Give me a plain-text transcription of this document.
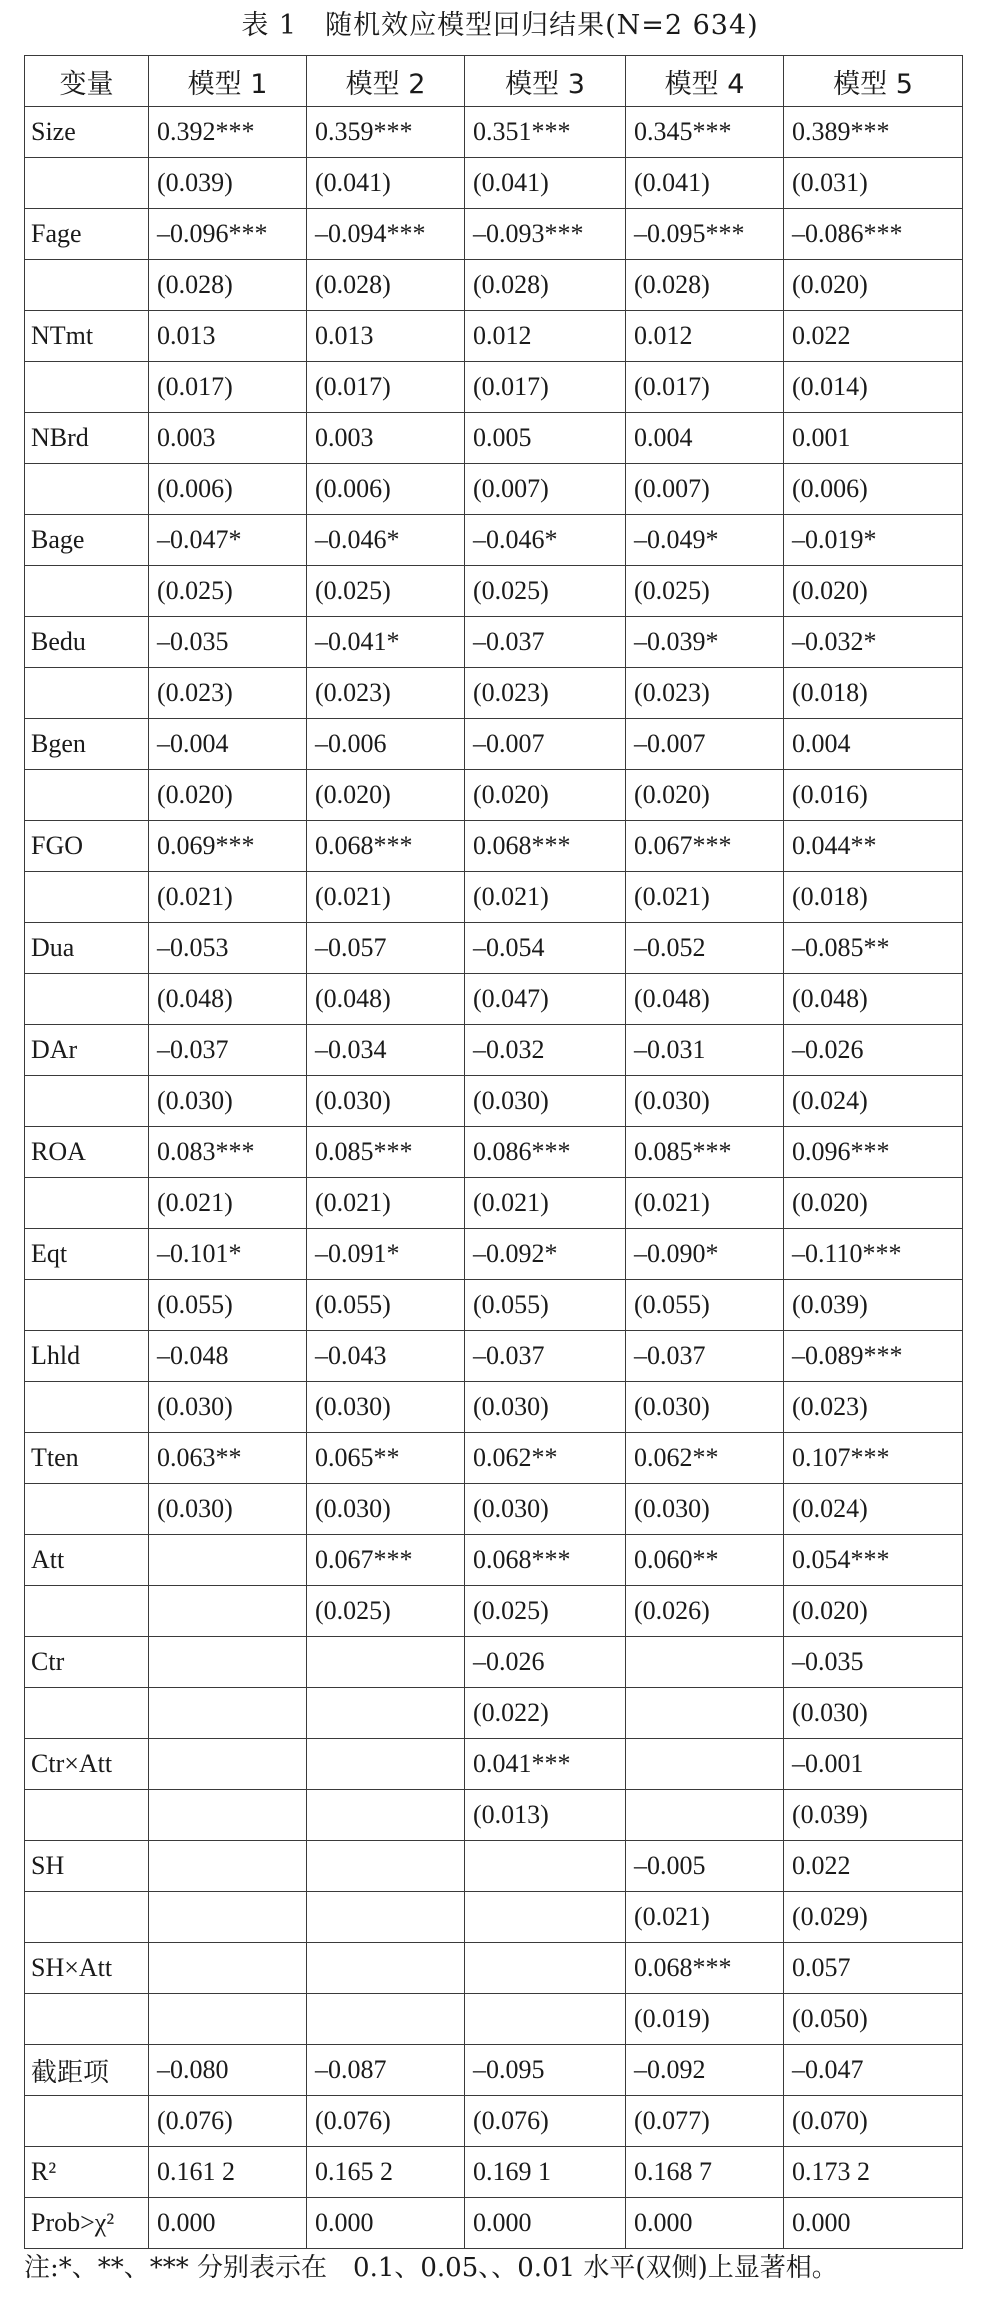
表 1　随机效应模型回归结果(N=2 634)
变量	模型 1	模型 2	模型 3	模型 4	模型 5
Size	0.392***	0.359***	0.351***	0.345***	0.389***
	(0.039)	(0.041)	(0.041)	(0.041)	(0.031)
Fage	–0.096***	–0.094***	–0.093***	–0.095***	–0.086***
	(0.028)	(0.028)	(0.028)	(0.028)	(0.020)
NTmt	0.013	0.013	0.012	0.012	0.022
	(0.017)	(0.017)	(0.017)	(0.017)	(0.014)
NBrd	0.003	0.003	0.005	0.004	0.001
	(0.006)	(0.006)	(0.007)	(0.007)	(0.006)
Bage	–0.047*	–0.046*	–0.046*	–0.049*	–0.019*
	(0.025)	(0.025)	(0.025)	(0.025)	(0.020)
Bedu	–0.035	–0.041*	–0.037	–0.039*	–0.032*
	(0.023)	(0.023)	(0.023)	(0.023)	(0.018)
Bgen	–0.004	–0.006	–0.007	–0.007	0.004
	(0.020)	(0.020)	(0.020)	(0.020)	(0.016)
FGO	0.069***	0.068***	0.068***	0.067***	0.044**
	(0.021)	(0.021)	(0.021)	(0.021)	(0.018)
Dua	–0.053	–0.057	–0.054	–0.052	–0.085**
	(0.048)	(0.048)	(0.047)	(0.048)	(0.048)
DAr	–0.037	–0.034	–0.032	–0.031	–0.026
	(0.030)	(0.030)	(0.030)	(0.030)	(0.024)
ROA	0.083***	0.085***	0.086***	0.085***	0.096***
	(0.021)	(0.021)	(0.021)	(0.021)	(0.020)
Eqt	–0.101*	–0.091*	–0.092*	–0.090*	–0.110***
	(0.055)	(0.055)	(0.055)	(0.055)	(0.039)
Lhld	–0.048	–0.043	–0.037	–0.037	–0.089***
	(0.030)	(0.030)	(0.030)	(0.030)	(0.023)
Tten	0.063**	0.065**	0.062**	0.062**	0.107***
	(0.030)	(0.030)	(0.030)	(0.030)	(0.024)
Att		0.067***	0.068***	0.060**	0.054***
		(0.025)	(0.025)	(0.026)	(0.020)
Ctr			–0.026		–0.035
			(0.022)		(0.030)
Ctr×Att			0.041***		–0.001
			(0.013)		(0.039)
SH				–0.005	0.022
				(0.021)	(0.029)
SH×Att				0.068***	0.057
				(0.019)	(0.050)
截距项	–0.080	–0.087	–0.095	–0.092	–0.047
	(0.076)	(0.076)	(0.076)	(0.077)	(0.070)
R²	0.161 2	0.165 2	0.169 1	0.168 7	0.173 2
Prob>χ²	0.000	0.000	0.000	0.000	0.000
注:*、**、*** 分别表示在　0.1、0.05、、0.01 水平(双侧)上显著相。
